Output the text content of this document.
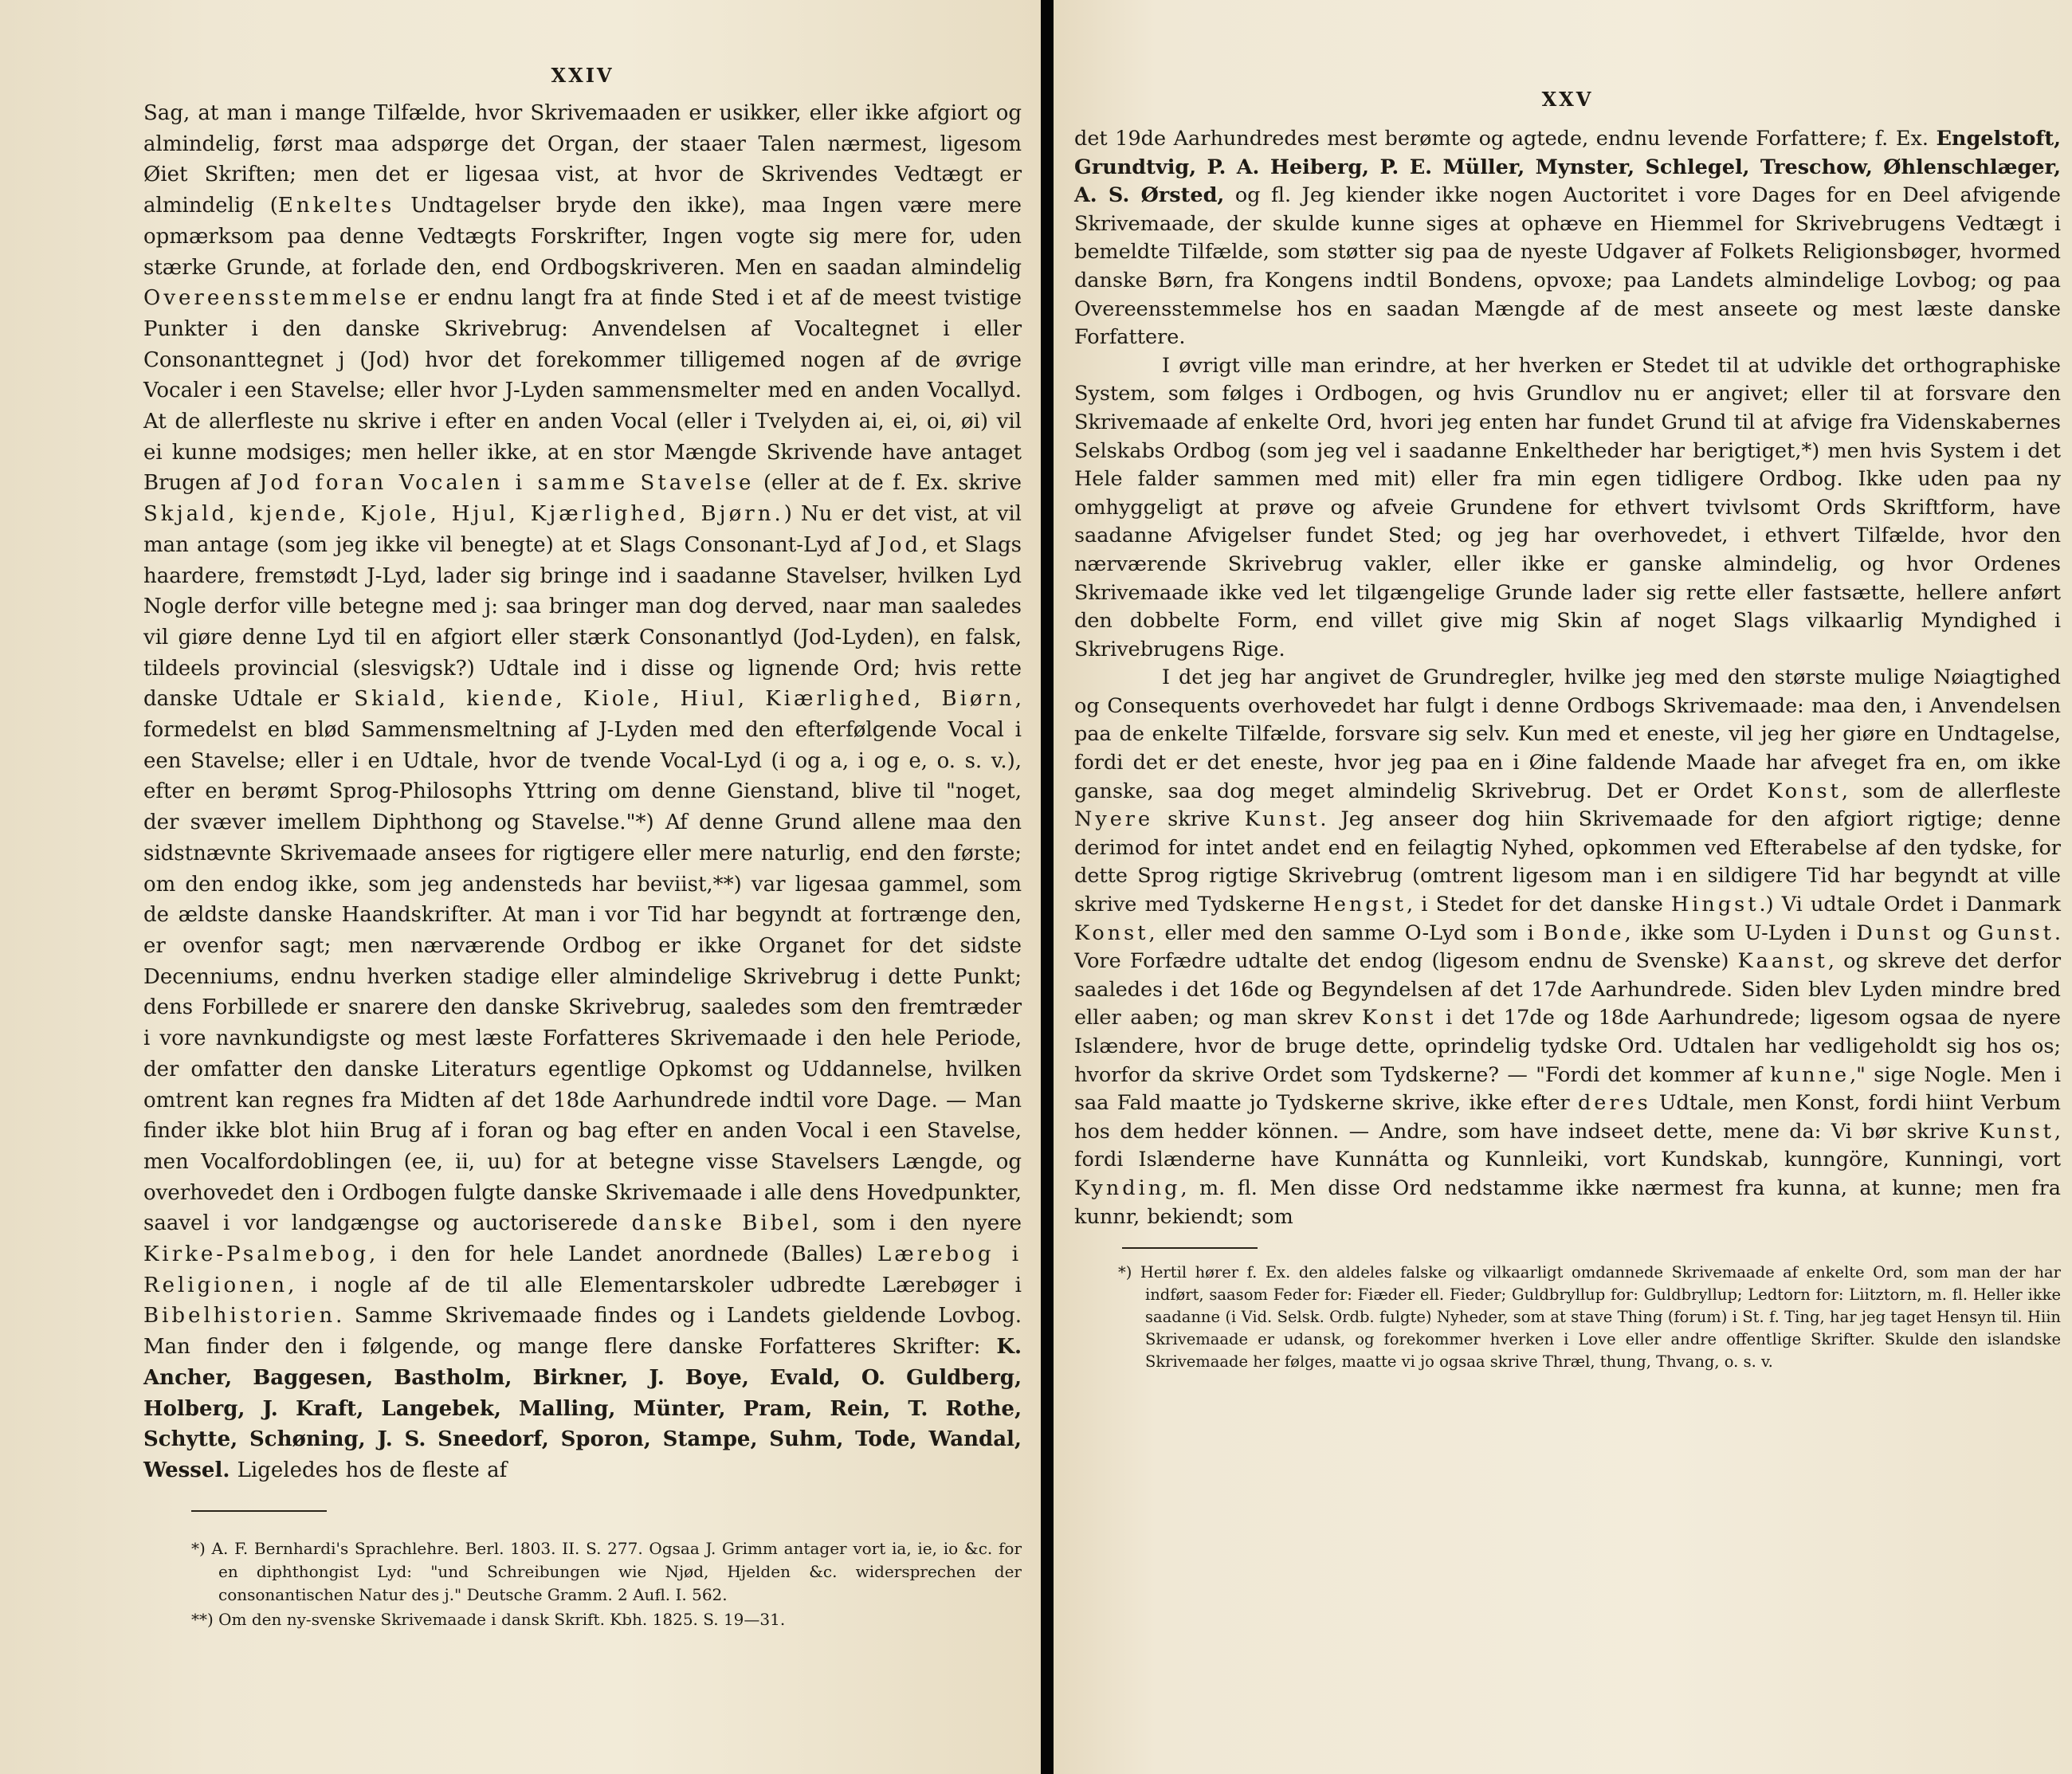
XXIV

Sag, at man i mange Tilfælde, hvor Skrivemaaden er usikker, eller ikke afgiort og almindelig, først maa adspørge det Organ, der staaer Talen nærmest, ligesom Øiet Skriften; men det er ligesaa vist, at hvor de Skrivendes Vedtægt er almindelig (Enkeltes Undtagelser bryde den ikke), maa Ingen være mere opmærksom paa denne Vedtægts Forskrifter, Ingen vogte sig mere for, uden stærke Grunde, at forlade den, end Ordbogskriveren. Men en saadan almindelig Overeensstemmelse er endnu langt fra at finde Sted i et af de meest tvistige Punkter i den danske Skrivebrug: Anvendelsen af Vocaltegnet i eller Consonanttegnet j (Jod) hvor det forekommer tilligemed nogen af de øvrige Vocaler i een Stavelse; eller hvor J-Lyden sammensmelter med en anden Vocallyd. At de allerfleste nu skrive i efter en anden Vocal (eller i Tvelyden ai, ei, oi, øi) vil ei kunne modsiges; men heller ikke, at en stor Mængde Skrivende have antaget Brugen af Jod foran Vocalen i samme Stavelse (eller at de f. Ex. skrive Skjald, kjende, Kjole, Hjul, Kjærlighed, Bjørn.) Nu er det vist, at vil man antage (som jeg ikke vil benegte) at et Slags Consonant-Lyd af Jod, et Slags haardere, fremstødt J-Lyd, lader sig bringe ind i saadanne Stavelser, hvilken Lyd Nogle derfor ville betegne med j: saa bringer man dog derved, naar man saaledes vil giøre denne Lyd til en afgiort eller stærk Consonantlyd (Jod-Lyden), en falsk, tildeels provincial (slesvigsk?) Udtale ind i disse og lignende Ord; hvis rette danske Udtale er Skiald, kiende, Kiole, Hiul, Kiærlighed, Biørn, formedelst en blød Sammensmeltning af J-Lyden med den efterfølgende Vocal i een Stavelse; eller i en Udtale, hvor de tvende Vocal-Lyd (i og a, i og e, o. s. v.), efter en berømt Sprog-Philosophs Yttring om denne Gienstand, blive til "noget, der svæver imellem Diphthong og Stavelse."*) Af denne Grund allene maa den sidstnævnte Skrivemaade ansees for rigtigere eller mere naturlig, end den første; om den endog ikke, som jeg andensteds har beviist,**) var ligesaa gammel, som de ældste danske Haandskrifter. At man i vor Tid har begyndt at fortrænge den, er ovenfor sagt; men nærværende Ordbog er ikke Organet for det sidste Decenniums, endnu hverken stadige eller almindelige Skrivebrug i dette Punkt; dens Forbillede er snarere den danske Skrivebrug, saaledes som den fremtræder i vore navnkundigste og mest læste Forfatteres Skrivemaade i den hele Periode, der omfatter den danske Literaturs egentlige Opkomst og Uddannelse, hvilken omtrent kan regnes fra Midten af det 18de Aarhundrede indtil vore Dage. — Man finder ikke blot hiin Brug af i foran og bag efter en anden Vocal i een Stavelse, men Vocalfordoblingen (ee, ii, uu) for at betegne visse Stavelsers Længde, og overhovedet den i Ordbogen fulgte danske Skrivemaade i alle dens Hovedpunkter, saavel i vor landgængse og auctoriserede danske Bibel, som i den nyere Kirke-Psalmebog, i den for hele Landet anordnede (Balles) Lærebog i Religionen, i nogle af de til alle Elementarskoler udbredte Lærebøger i Bibelhistorien. Samme Skrivemaade findes og i Landets gieldende Lovbog. Man finder den i følgende, og mange flere danske Forfatteres Skrifter: K. Ancher, Baggesen, Bastholm, Birkner, J. Boye, Evald, O. Guldberg, Holberg, J. Kraft, Langebek, Malling, Münter, Pram, Rein, T. Rothe, Schytte, Schøning, J. S. Sneedorf, Sporon, Stampe, Suhm, Tode, Wandal, Wessel. Ligeledes hos de fleste af

*) A. F. Bernhardi's Sprachlehre. Berl. 1803. II. S. 277. Ogsaa J. Grimm antager vort ia, ie, io &c. for en diphthongist Lyd: "und Schreibungen wie Njød, Hjelden &c. widersprechen der consonantischen Natur des j." Deutsche Gramm. 2 Aufl. I. 562.

**) Om den ny-svenske Skrivemaade i dansk Skrift. Kbh. 1825. S. 19—31.

XXV

det 19de Aarhundredes mest berømte og agtede, endnu levende Forfattere; f. Ex. Engelstoft, Grundtvig, P. A. Heiberg, P. E. Müller, Mynster, Schlegel, Treschow, Øhlenschlæger, A. S. Ørsted, og fl. Jeg kiender ikke nogen Auctoritet i vore Dages for en Deel afvigende Skrivemaade, der skulde kunne siges at ophæve en Hiemmel for Skrivebrugens Vedtægt i bemeldte Tilfælde, som støtter sig paa de nyeste Udgaver af Folkets Religionsbøger, hvormed danske Børn, fra Kongens indtil Bondens, opvoxe; paa Landets almindelige Lovbog; og paa Overeensstemmelse hos en saadan Mængde af de mest anseete og mest læste danske Forfattere.

I øvrigt ville man erindre, at her hverken er Stedet til at udvikle det orthographiske System, som følges i Ordbogen, og hvis Grundlov nu er angivet; eller til at forsvare den Skrivemaade af enkelte Ord, hvori jeg enten har fundet Grund til at afvige fra Videnskabernes Selskabs Ordbog (som jeg vel i saadanne Enkeltheder har berigtiget,*) men hvis System i det Hele falder sammen med mit) eller fra min egen tidligere Ordbog. Ikke uden paa ny omhyggeligt at prøve og afveie Grundene for ethvert tvivlsomt Ords Skriftform, have saadanne Afvigelser fundet Sted; og jeg har overhovedet, i ethvert Tilfælde, hvor den nærværende Skrivebrug vakler, eller ikke er ganske almindelig, og hvor Ordenes Skrivemaade ikke ved let tilgængelige Grunde lader sig rette eller fastsætte, hellere anført den dobbelte Form, end villet give mig Skin af noget Slags vilkaarlig Myndighed i Skrivebrugens Rige.

I det jeg har angivet de Grundregler, hvilke jeg med den største mulige Nøiagtighed og Consequents overhovedet har fulgt i denne Ordbogs Skrivemaade: maa den, i Anvendelsen paa de enkelte Tilfælde, forsvare sig selv. Kun med et eneste, vil jeg her giøre en Undtagelse, fordi det er det eneste, hvor jeg paa en i Øine faldende Maade har afveget fra en, om ikke ganske, saa dog meget almindelig Skrivebrug. Det er Ordet Konst, som de allerfleste Nyere skrive Kunst. Jeg anseer dog hiin Skrivemaade for den afgiort rigtige; denne derimod for intet andet end en feilagtig Nyhed, opkommen ved Efterabelse af den tydske, for dette Sprog rigtige Skrivebrug (omtrent ligesom man i en sildigere Tid har begyndt at ville skrive med Tydskerne Hengst, i Stedet for det danske Hingst.) Vi udtale Ordet i Danmark Konst, eller med den samme O-Lyd som i Bonde, ikke som U-Lyden i Dunst og Gunst. Vore Forfædre udtalte det endog (ligesom endnu de Svenske) Kaanst, og skreve det derfor saaledes i det 16de og Begyndelsen af det 17de Aarhundrede. Siden blev Lyden mindre bred eller aaben; og man skrev Konst i det 17de og 18de Aarhundrede; ligesom ogsaa de nyere Islændere, hvor de bruge dette, oprindelig tydske Ord. Udtalen har vedligeholdt sig hos os; hvorfor da skrive Ordet som Tydskerne? — "Fordi det kommer af kunne," sige Nogle. Men i saa Fald maatte jo Tydskerne skrive, ikke efter deres Udtale, men Konst, fordi hiint Verbum hos dem hedder können. — Andre, som have indseet dette, mene da: Vi bør skrive Kunst, fordi Islænderne have Kunnátta og Kunnleiki, vort Kundskab, kunngöre, Kunningi, vort Kynding, m. fl. Men disse Ord nedstamme ikke nærmest fra kunna, at kunne; men fra kunnr, bekiendt; som

*) Hertil hører f. Ex. den aldeles falske og vilkaarligt omdannede Skrivemaade af enkelte Ord, som man der har indført, saasom Feder for: Fiæder ell. Fieder; Guldbryllup for: Guldbryllup; Ledtorn for: Liitztorn, m. fl. Heller ikke saadanne (i Vid. Selsk. Ordb. fulgte) Nyheder, som at stave Thing (forum) i St. f. Ting, har jeg taget Hensyn til. Hiin Skrivemaade er udansk, og forekommer hverken i Love eller andre offentlige Skrifter. Skulde den islandske Skrivemaade her følges, maatte vi jo ogsaa skrive Thræl, thung, Thvang, o. s. v.
